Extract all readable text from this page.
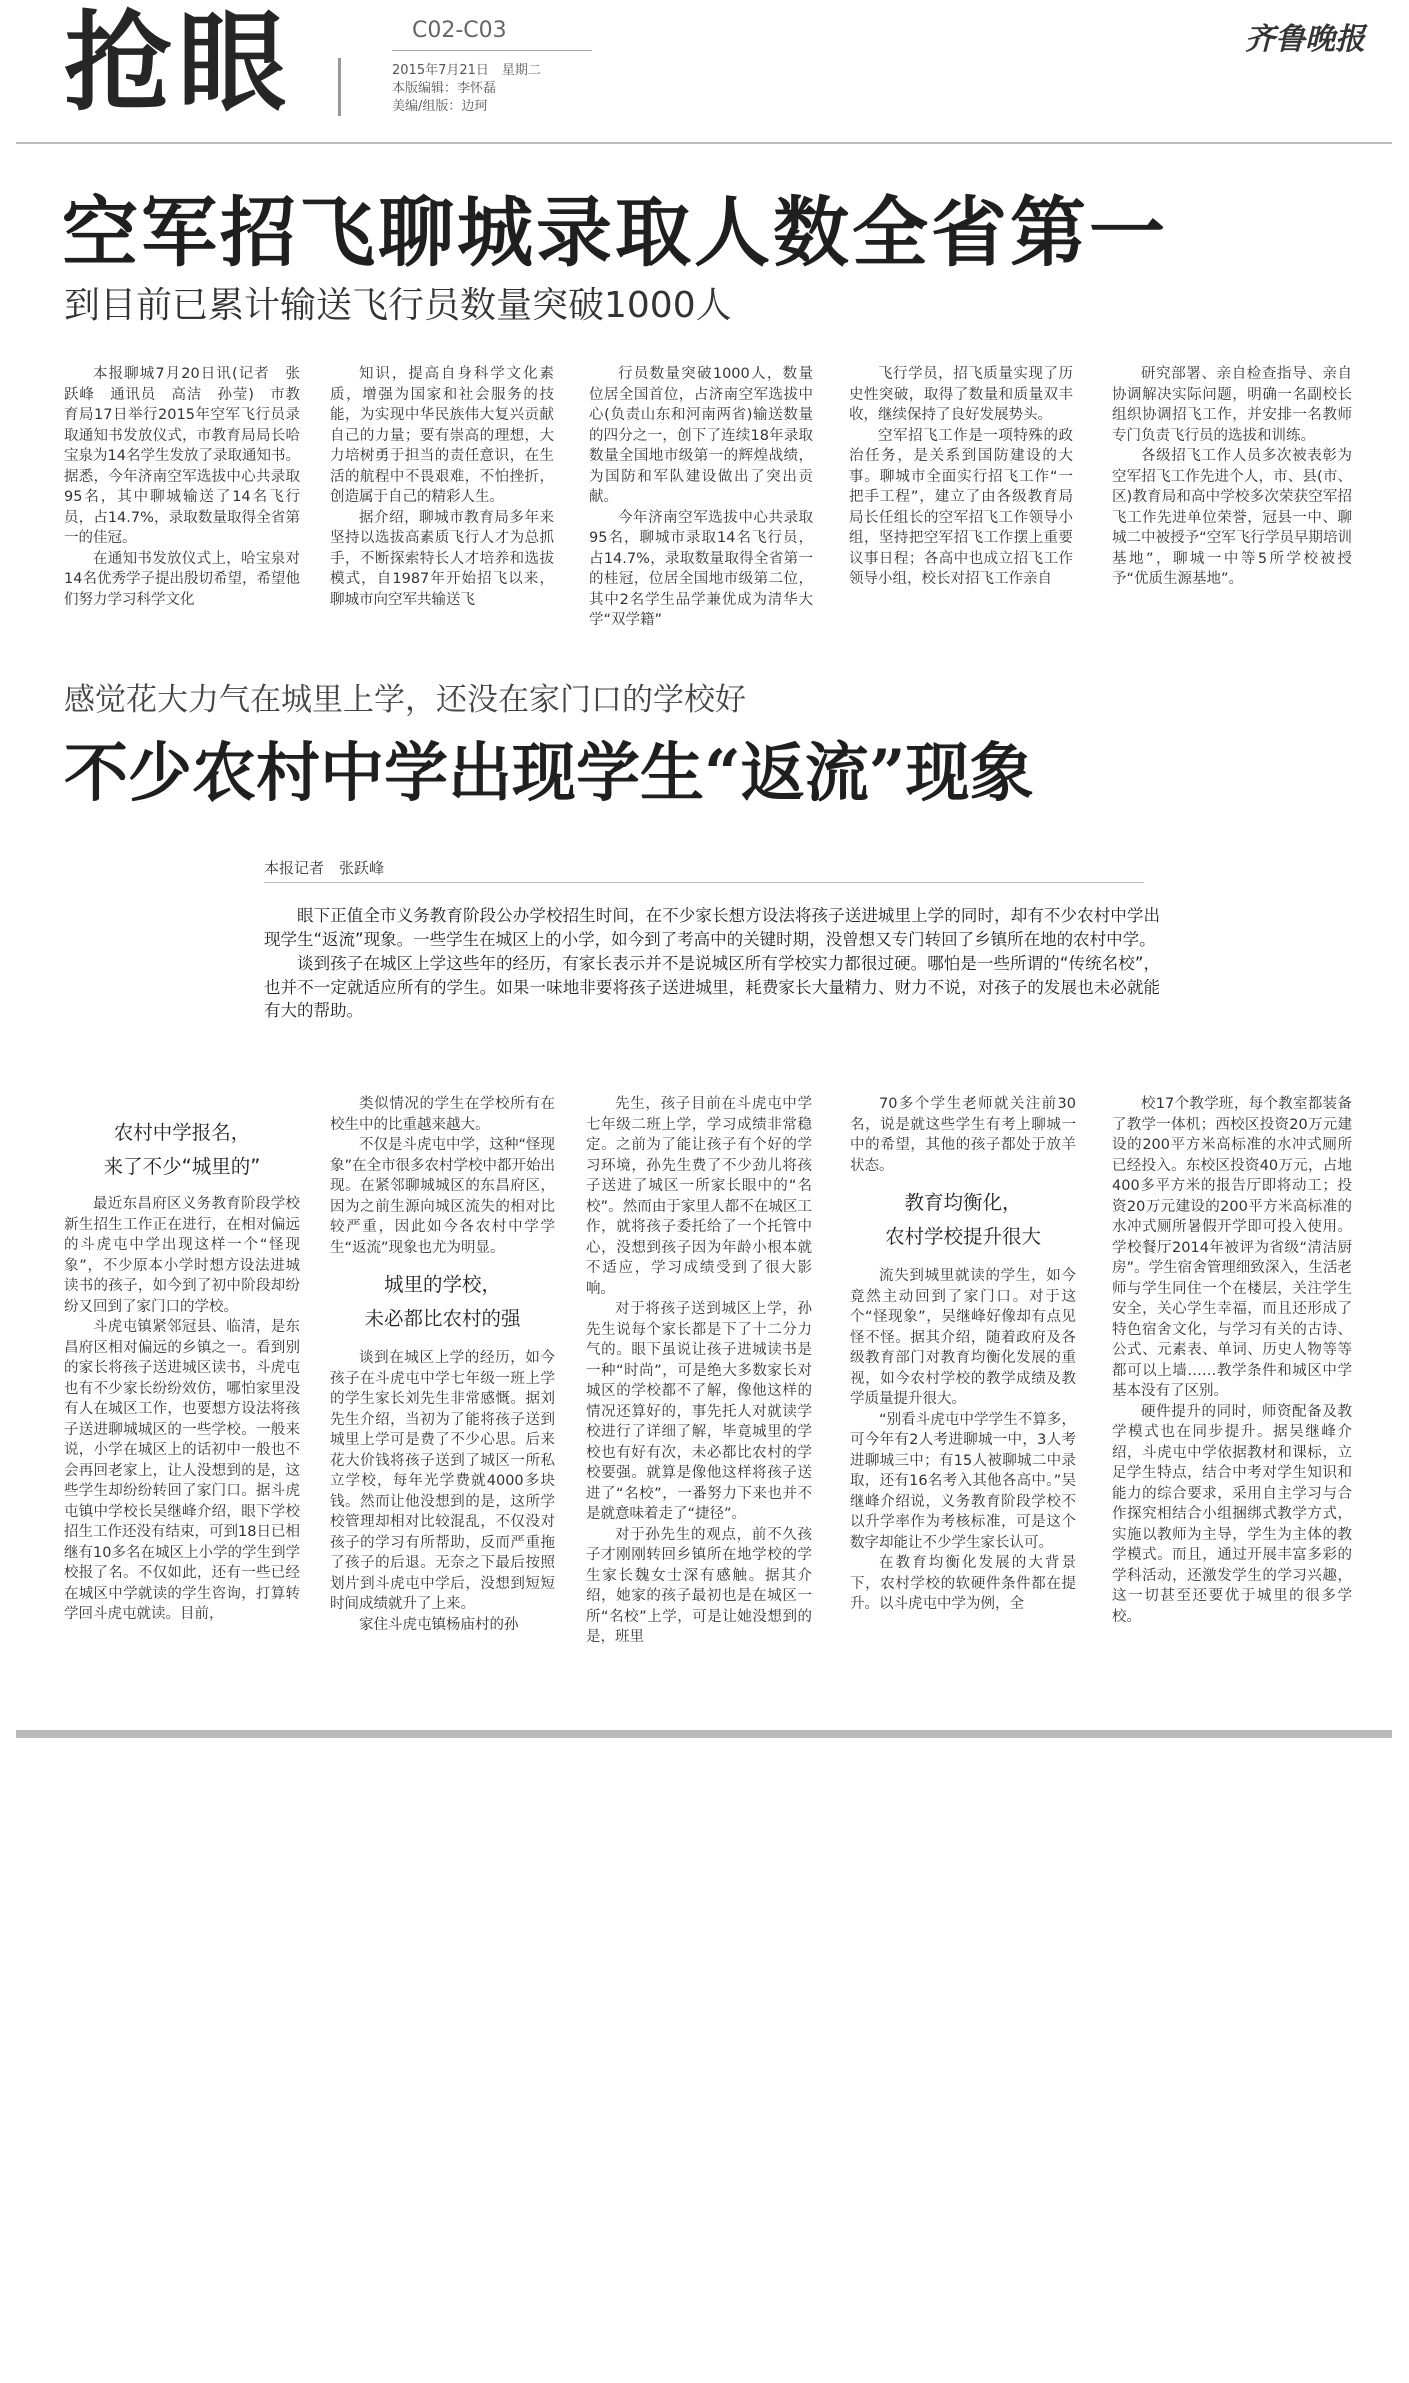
抢眼	C02-C03
2015年7月21日　星期二
本版编辑：李怀磊
美编/组版：边珂
齐鲁晚报
空军招飞聊城录取人数全省第一
到目前已累计输送飞行员数量突破1000人

本报聊城7月20日讯(记者　张跃峰　通讯员　高洁　孙莹)　市教育局17日举行2015年空军飞行员录取通知书发放仪式，市教育局局长哈宝泉为14名学生发放了录取通知书。据悉，今年济南空军选拔中心共录取95名，其中聊城输送了14名飞行员，占14.7%，录取数量取得全省第一的佳冠。

在通知书发放仪式上，哈宝泉对14名优秀学子提出殷切希望，希望他们努力学习科学文化

知识，提高自身科学文化素质，增强为国家和社会服务的技能，为实现中华民族伟大复兴贡献自己的力量；要有崇高的理想，大力培树勇于担当的责任意识，在生活的航程中不畏艰难，不怕挫折，创造属于自己的精彩人生。

据介绍，聊城市教育局多年来坚持以选拔高素质飞行人才为总抓手，不断探索特长人才培养和选拔模式，自1987年开始招飞以来，聊城市向空军共输送飞

行员数量突破1000人，数量位居全国首位，占济南空军选拔中心(负责山东和河南两省)输送数量的四分之一，创下了连续18年录取数量全国地市级第一的辉煌战绩，为国防和军队建设做出了突出贡献。

今年济南空军选拔中心共录取95名，聊城市录取14名飞行员，占14.7%，录取数量取得全省第一的桂冠，位居全国地市级第二位，其中2名学生品学兼优成为清华大学“双学籍”

飞行学员，招飞质量实现了历史性突破，取得了数量和质量双丰收，继续保持了良好发展势头。

空军招飞工作是一项特殊的政治任务，是关系到国防建设的大事。聊城市全面实行招飞工作“一把手工程”，建立了由各级教育局局长任组长的空军招飞工作领导小组，坚持把空军招飞工作摆上重要议事日程；各高中也成立招飞工作领导小组，校长对招飞工作亲自

研究部署、亲自检查指导、亲自协调解决实际问题，明确一名副校长组织协调招飞工作，并安排一名教师专门负责飞行员的选拔和训练。

各级招飞工作人员多次被表彰为空军招飞工作先进个人，市、县(市、区)教育局和高中学校多次荣获空军招飞工作先进单位荣誉，冠县一中、聊城二中被授予“空军飞行学员早期培训基地”，聊城一中等5所学校被授予“优质生源基地”。

感觉花大力气在城里上学，还没在家门口的学校好
不少农村中学出现学生“返流”现象
本报记者　张跃峰

眼下正值全市义务教育阶段公办学校招生时间，在不少家长想方设法将孩子送进城里上学的同时，却有不少农村中学出现学生“返流”现象。一些学生在城区上的小学，如今到了考高中的关键时期，没曾想又专门转回了乡镇所在地的农村中学。

谈到孩子在城区上学这些年的经历，有家长表示并不是说城区所有学校实力都很过硬。哪怕是一些所谓的“传统名校”，也并不一定就适应所有的学生。如果一味地非要将孩子送进城里，耗费家长大量精力、财力不说，对孩子的发展也未必就能有大的帮助。

农村中学报名，
来了不少“城里的”

最近东昌府区义务教育阶段学校新生招生工作正在进行，在相对偏远的斗虎屯中学出现这样一个“怪现象”，不少原本小学时想方设法进城读书的孩子，如今到了初中阶段却纷纷又回到了家门口的学校。

斗虎屯镇紧邻冠县、临清，是东昌府区相对偏远的乡镇之一。看到别的家长将孩子送进城区读书，斗虎屯也有不少家长纷纷效仿，哪怕家里没有人在城区工作，也要想方设法将孩子送进聊城城区的一些学校。一般来说，小学在城区上的话初中一般也不会再回老家上，让人没想到的是，这些学生却纷纷转回了家门口。据斗虎屯镇中学校长吴继峰介绍，眼下学校招生工作还没有结束，可到18日已相继有10多名在城区上小学的学生到学校报了名。不仅如此，还有一些已经在城区中学就读的学生咨询，打算转学回斗虎屯就读。目前，

类似情况的学生在学校所有在校生中的比重越来越大。

不仅是斗虎屯中学，这种“怪现象”在全市很多农村学校中都开始出现。在紧邻聊城城区的东昌府区，因为之前生源向城区流失的相对比较严重，因此如今各农村中学学生“返流”现象也尤为明显。

城里的学校，
未必都比农村的强

谈到在城区上学的经历，如今孩子在斗虎屯中学七年级一班上学的学生家长刘先生非常感慨。据刘先生介绍，当初为了能将孩子送到城里上学可是费了不少心思。后来花大价钱将孩子送到了城区一所私立学校，每年光学费就4000多块钱。然而让他没想到的是，这所学校管理却相对比较混乱，不仅没对孩子的学习有所帮助，反而严重拖了孩子的后退。无奈之下最后按照划片到斗虎屯中学后，没想到短短时间成绩就升了上来。

家住斗虎屯镇杨庙村的孙

先生，孩子目前在斗虎屯中学七年级二班上学，学习成绩非常稳定。之前为了能让孩子有个好的学习环境，孙先生费了不少劲儿将孩子送进了城区一所家长眼中的“名校”。然而由于家里人都不在城区工作，就将孩子委托给了一个托管中心，没想到孩子因为年龄小根本就不适应，学习成绩受到了很大影响。

对于将孩子送到城区上学，孙先生说每个家长都是下了十二分力气的。眼下虽说让孩子进城读书是一种“时尚”，可是绝大多数家长对城区的学校都不了解，像他这样的情况还算好的，事先托人对就读学校进行了详细了解，毕竟城里的学校也有好有次，未必都比农村的学校要强。就算是像他这样将孩子送进了“名校”，一番努力下来也并不是就意味着走了“捷径”。

对于孙先生的观点，前不久孩子才刚刚转回乡镇所在地学校的学生家长魏女士深有感触。据其介绍，她家的孩子最初也是在城区一所“名校”上学，可是让她没想到的是，班里

70多个学生老师就关注前30名，说是就这些学生有考上聊城一中的希望，其他的孩子都处于放羊状态。

教育均衡化，
农村学校提升很大

流失到城里就读的学生，如今竟然主动回到了家门口。对于这个“怪现象”，吴继峰好像却有点见怪不怪。据其介绍，随着政府及各级教育部门对教育均衡化发展的重视，如今农村学校的教学成绩及教学质量提升很大。

“别看斗虎屯中学学生不算多，可今年有2人考进聊城一中，3人考进聊城三中；有15人被聊城二中录取，还有16名考入其他各高中。”吴继峰介绍说，义务教育阶段学校不以升学率作为考核标准，可是这个数字却能让不少学生家长认可。

在教育均衡化发展的大背景下，农村学校的软硬件条件都在提升。以斗虎屯中学为例，全

校17个教学班，每个教室都装备了教学一体机；西校区投资20万元建设的200平方米高标准的水冲式厕所已经投入。东校区投资40万元，占地400多平方米的报告厅即将动工；投资20万元建设的200平方米高标准的水冲式厕所暑假开学即可投入使用。学校餐厅2014年被评为省级“清洁厨房”。学生宿舍管理细致深入，生活老师与学生同住一个在楼层，关注学生安全，关心学生幸福，而且还形成了特色宿舍文化，与学习有关的古诗、公式、元素表、单词、历史人物等等都可以上墙……教学条件和城区中学基本没有了区别。

硬件提升的同时，师资配备及教学模式也在同步提升。据吴继峰介绍，斗虎屯中学依据教材和课标，立足学生特点，结合中考对学生知识和能力的综合要求，采用自主学习与合作探究相结合小组捆绑式教学方式，实施以教师为主导，学生为主体的教学模式。而且，通过开展丰富多彩的学科活动，还激发学生的学习兴趣，这一切甚至还要优于城里的很多学校。
